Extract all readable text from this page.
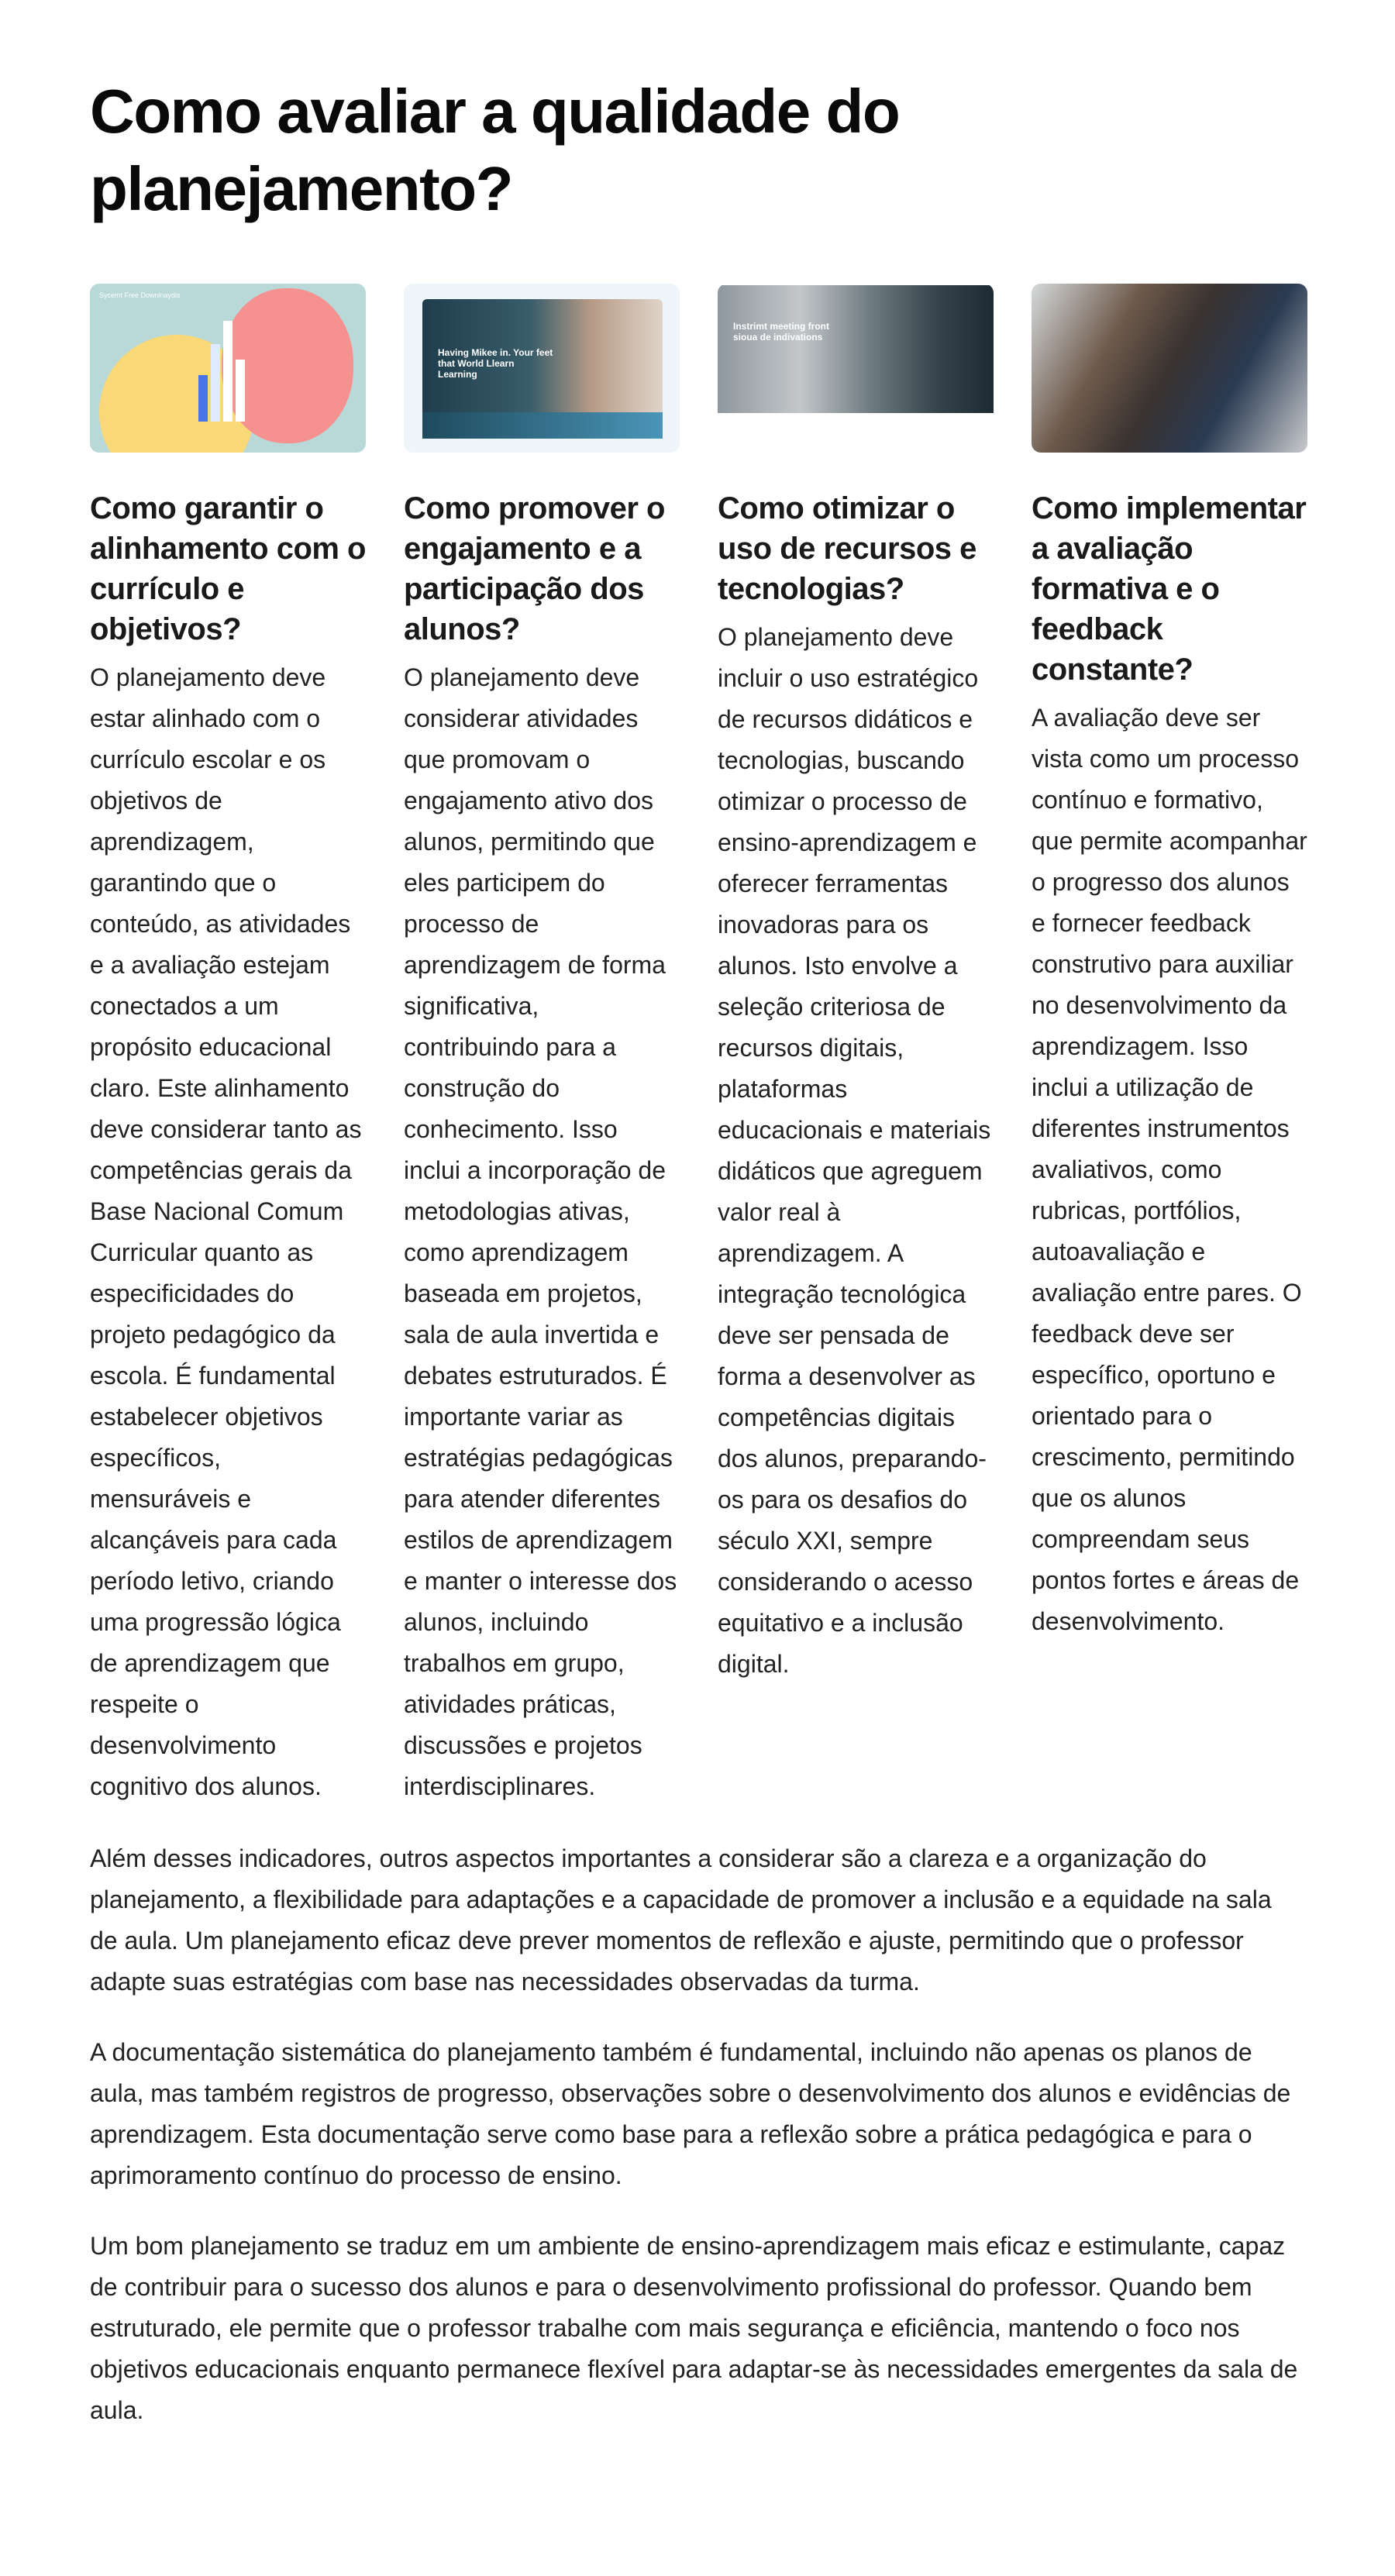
Como avaliar a qualidade do planejamento?
Sycemt Free Downlnaydis
Como garantir o alinhamento com o currículo e objetivos?

O planejamento deve estar alinhado com o currículo escolar e os objetivos de aprendizagem, garantindo que o conteúdo, as atividades e a avaliação estejam conectados a um propósito educacional claro. Este alinhamento deve considerar tanto as competências gerais da Base Nacional Comum Curricular quanto as especificidades do projeto pedagógico da escola. É fundamental estabelecer objetivos específicos, mensuráveis e alcançáveis para cada período letivo, criando uma progressão lógica de aprendizagem que respeite o desenvolvimento cognitivo dos alunos.

Having Mikee in. Your feet that World Llearn Learning
Como promover o engajamento e a participação dos alunos?

O planejamento deve considerar atividades que promovam o engajamento ativo dos alunos, permitindo que eles participem do processo de aprendizagem de forma significativa, contribuindo para a construção do conhecimento. Isso inclui a incorporação de metodologias ativas, como aprendizagem baseada em projetos, sala de aula invertida e debates estruturados. É importante variar as estratégias pedagógicas para atender diferentes estilos de aprendizagem e manter o interesse dos alunos, incluindo trabalhos em grupo, atividades práticas, discussões e projetos interdisciplinares.

Instrimt meeting front sioua de indivations
Como otimizar o uso de recursos e tecnologias?

O planejamento deve incluir o uso estratégico de recursos didáticos e tecnologias, buscando otimizar o processo de ensino-aprendizagem e oferecer ferramentas inovadoras para os alunos. Isto envolve a seleção criteriosa de recursos digitais, plataformas educacionais e materiais didáticos que agreguem valor real à aprendizagem. A integração tecnológica deve ser pensada de forma a desenvolver as competências digitais dos alunos, preparando-os para os desafios do século XXI, sempre considerando o acesso equitativo e a inclusão digital.

Como implementar a avaliação formativa e o feedback constante?

A avaliação deve ser vista como um processo contínuo e formativo, que permite acompanhar o progresso dos alunos e fornecer feedback construtivo para auxiliar no desenvolvimento da aprendizagem. Isso inclui a utilização de diferentes instrumentos avaliativos, como rubricas, portfólios, autoavaliação e avaliação entre pares. O feedback deve ser específico, oportuno e orientado para o crescimento, permitindo que os alunos compreendam seus pontos fortes e áreas de desenvolvimento.

Além desses indicadores, outros aspectos importantes a considerar são a clareza e a organização do planejamento, a flexibilidade para adaptações e a capacidade de promover a inclusão e a equidade na sala de aula. Um planejamento eficaz deve prever momentos de reflexão e ajuste, permitindo que o professor adapte suas estratégias com base nas necessidades observadas da turma.

A documentação sistemática do planejamento também é fundamental, incluindo não apenas os planos de aula, mas também registros de progresso, observações sobre o desenvolvimento dos alunos e evidências de aprendizagem. Esta documentação serve como base para a reflexão sobre a prática pedagógica e para o aprimoramento contínuo do processo de ensino.

Um bom planejamento se traduz em um ambiente de ensino-aprendizagem mais eficaz e estimulante, capaz de contribuir para o sucesso dos alunos e para o desenvolvimento profissional do professor. Quando bem estruturado, ele permite que o professor trabalhe com mais segurança e eficiência, mantendo o foco nos objetivos educacionais enquanto permanece flexível para adaptar-se às necessidades emergentes da sala de aula.
